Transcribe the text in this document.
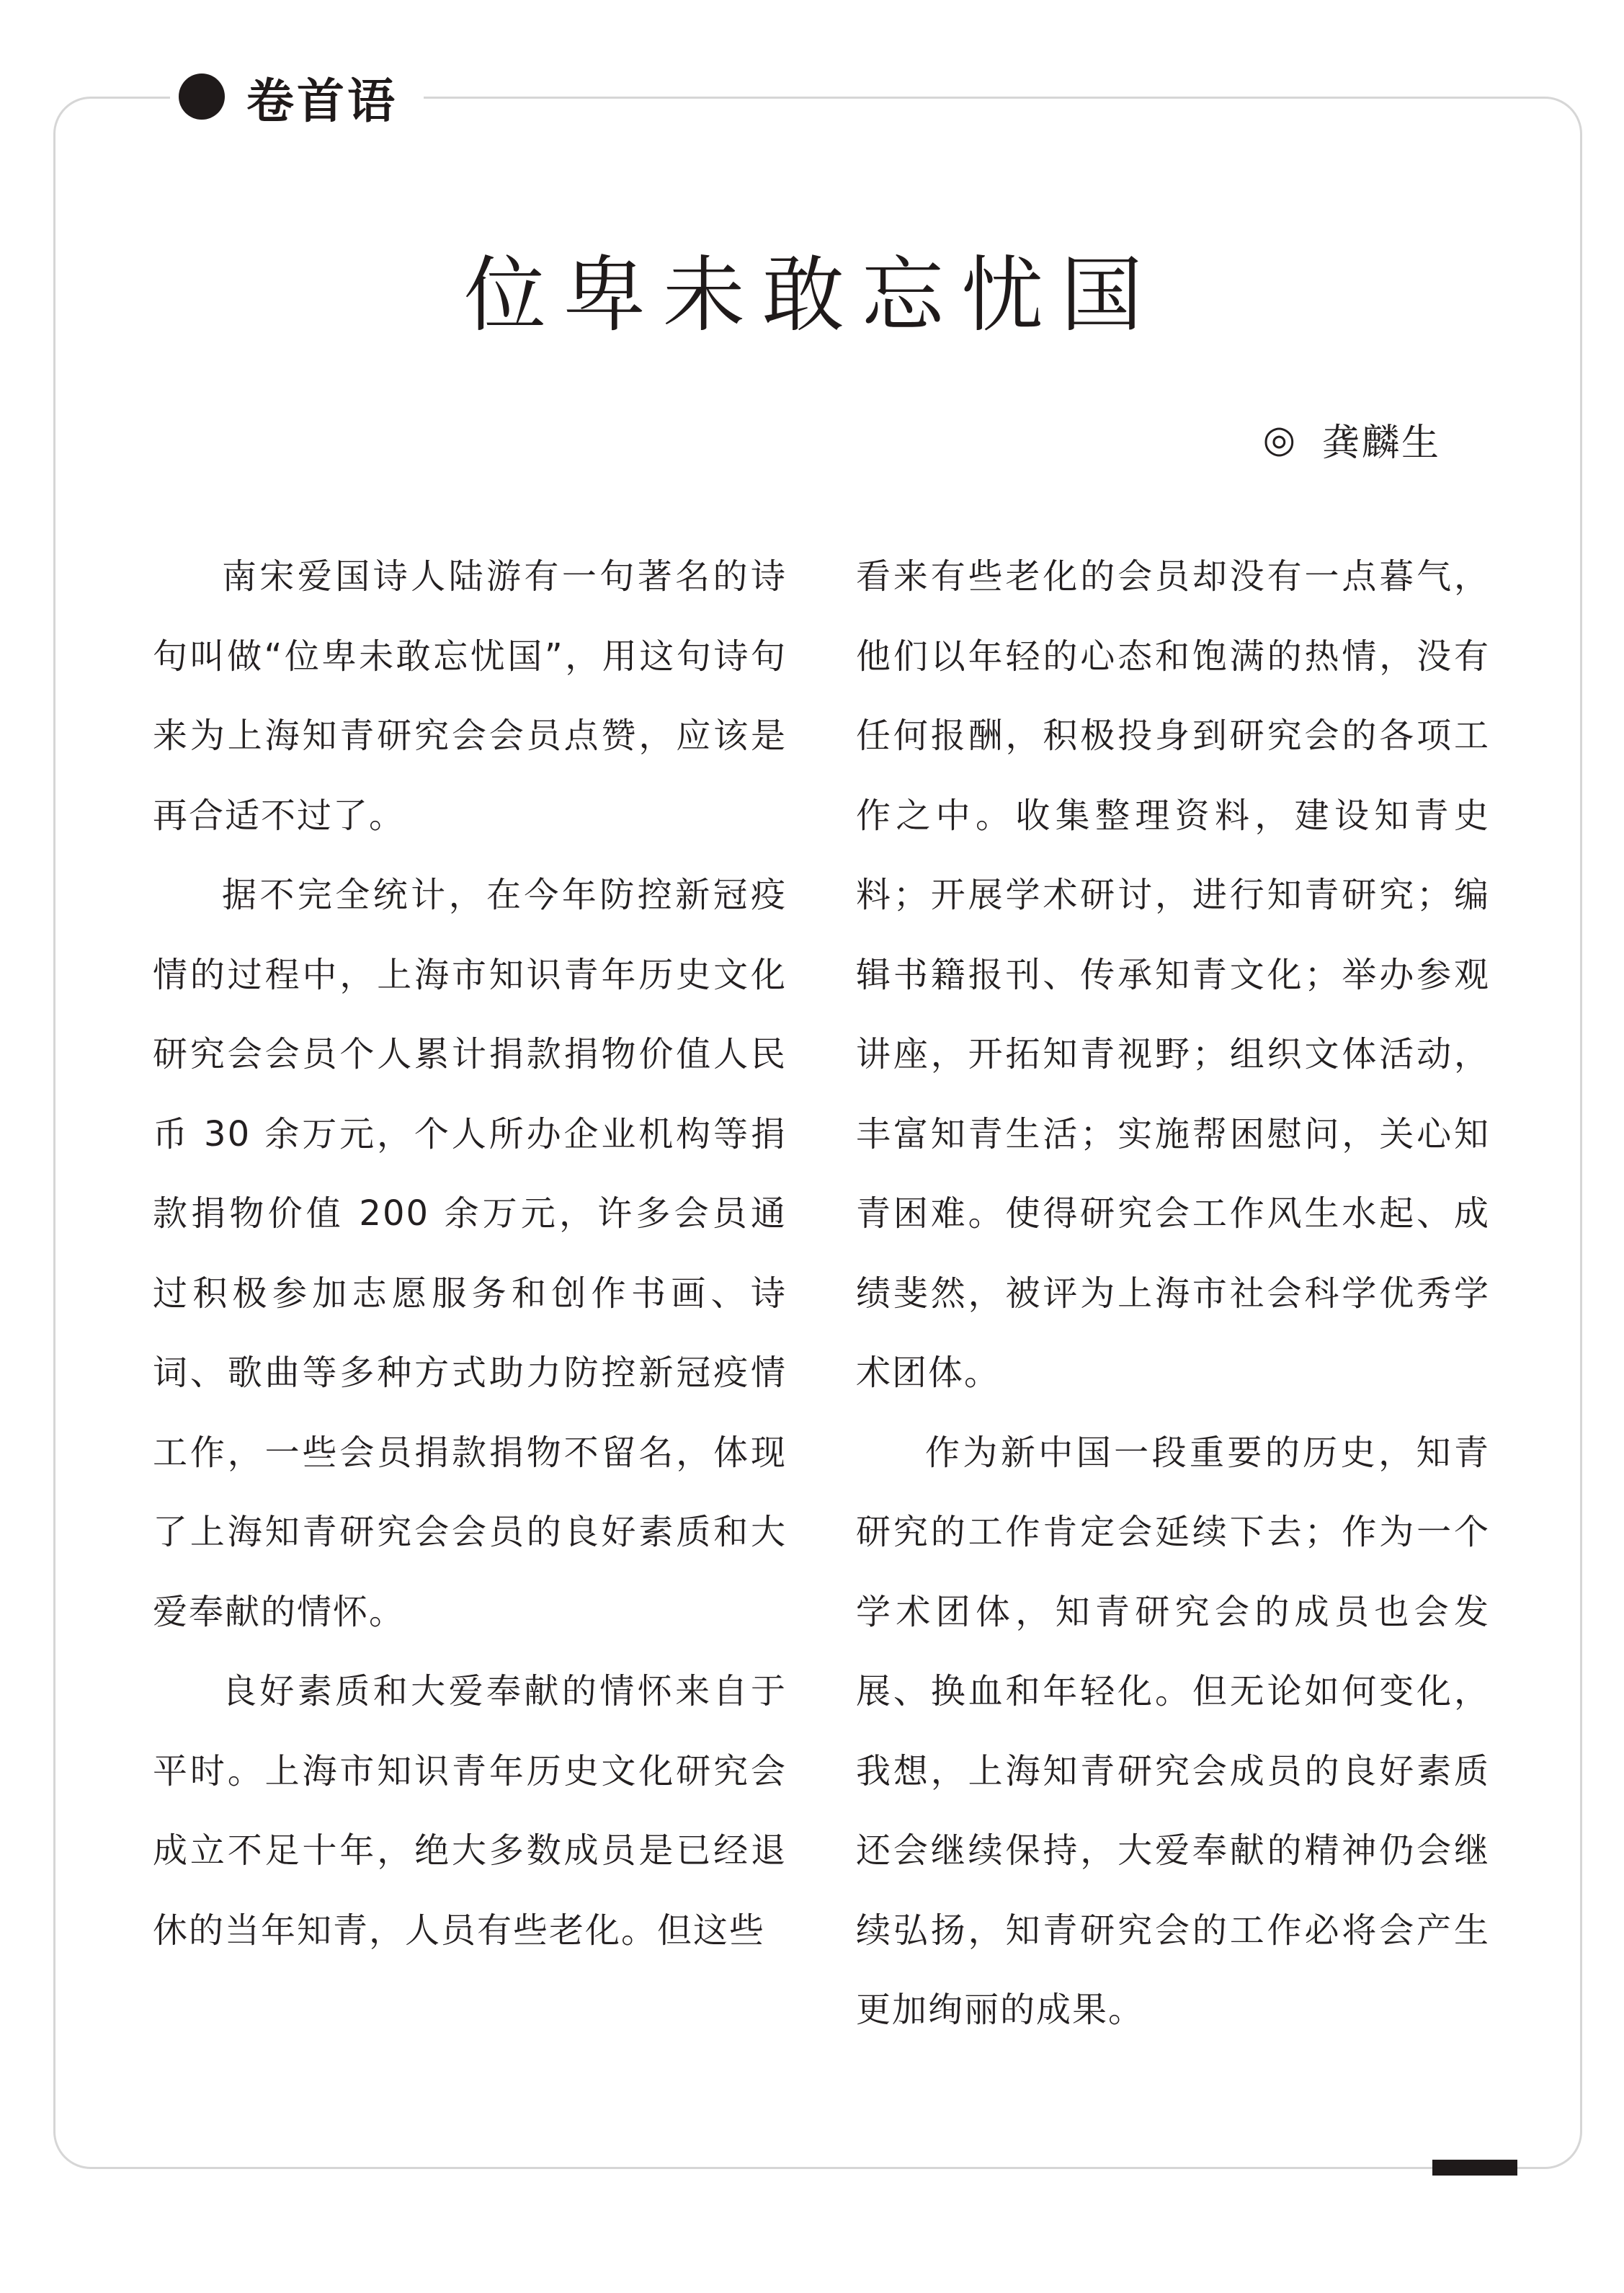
卷首语
位卑未敢忘忧国
◎ 龚麟生

南宋爱国诗人陆游有一句著名的诗句叫做“位卑未敢忘忧国”，用这句诗句来为上海知青研究会会员点赞，应该是再合适不过了。

据不完全统计，在今年防控新冠疫情的过程中，上海市知识青年历史文化研究会会员个人累计捐款捐物价值人民币 30 余万元，个人所办企业机构等捐款捐物价值 200 余万元，许多会员通过积极参加志愿服务和创作书画、诗词、歌曲等多种方式助力防控新冠疫情工作，一些会员捐款捐物不留名，体现了上海知青研究会会员的良好素质和大爱奉献的情怀。

良好素质和大爱奉献的情怀来自于平时。上海市知识青年历史文化研究会成立不足十年，绝大多数成员是已经退休的当年知青，人员有些老化。但这些

看来有些老化的会员却没有一点暮气，他们以年轻的心态和饱满的热情，没有任何报酬，积极投身到研究会的各项工作之中。收集整理资料，建设知青史料；开展学术研讨，进行知青研究；编辑书籍报刊、传承知青文化；举办参观讲座，开拓知青视野；组织文体活动，丰富知青生活；实施帮困慰问，关心知青困难。使得研究会工作风生水起、成绩斐然，被评为上海市社会科学优秀学术团体。

作为新中国一段重要的历史，知青研究的工作肯定会延续下去；作为一个学术团体，知青研究会的成员也会发展、换血和年轻化。但无论如何变化，我想，上海知青研究会成员的良好素质还会继续保持，大爱奉献的精神仍会继续弘扬，知青研究会的工作必将会产生更加绚丽的成果。
